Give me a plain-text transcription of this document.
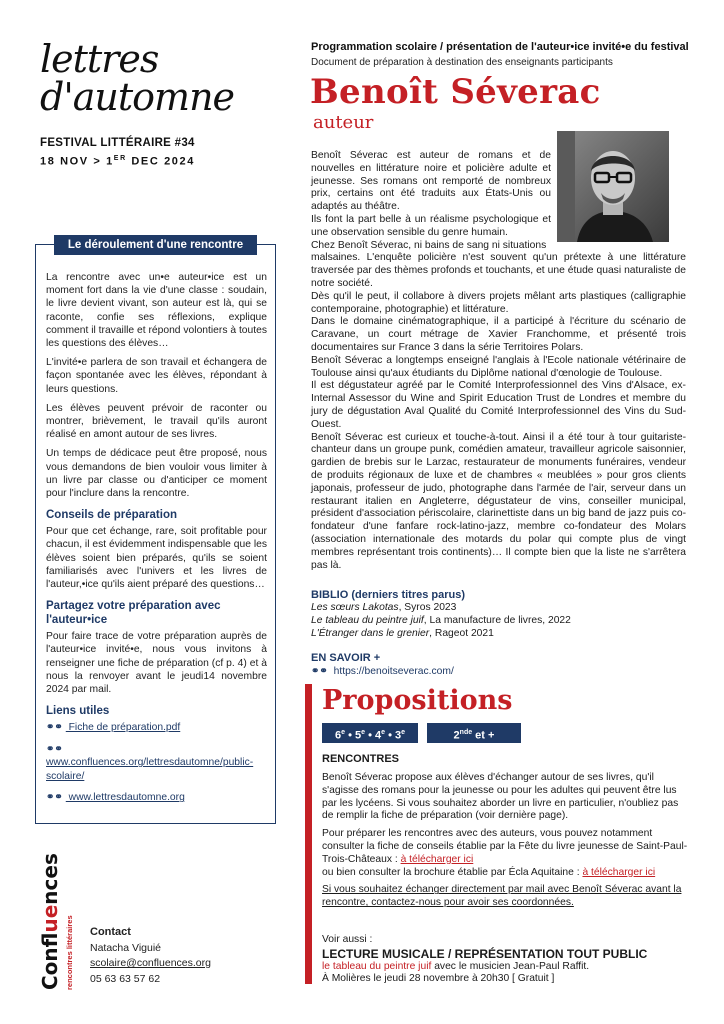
lettres
d'automne
FESTIVAL LITTÉRAIRE #34
18 NOV > 1ER DEC 2024
Le déroulement d'une rencontre

La rencontre avec un•e auteur•ice est un moment fort dans la vie d'une classe : soudain, le livre devient vivant, son auteur est là, qui se raconte, confie ses réflexions, explique comment il travaille et répond volontiers à toutes les questions des élèves…

L'invité•e parlera de son travail et échangera de façon spontanée avec les élèves, répondant à leurs questions.

Les élèves peuvent prévoir de raconter ou montrer, brièvement, le travail qu'ils auront réalisé en amont autour de ses livres.

Un temps de dédicace peut être proposé, nous vous demandons de bien vouloir vous limiter à un livre par classe ou d'anticiper ce moment pour l'inclure dans la rencontre.

Conseils de préparation

Pour que cet échange, rare, soit profitable pour chacun, il est évidemment indispensable que les élèves soient bien préparés, qu'ils se soient familiarisés avec l'univers et les livres de l'auteur,•ice qu'ils aient préparé des questions…

Partagez votre préparation avec l'auteur•ice

Pour faire trace de votre préparation auprès de l'auteur•ice invité•e, nous vous invitons à renseigner une fiche de préparation (cf p. 4) et à nous la renvoyer avant le jeudi14 novembre 2024 par mail.

Liens utiles
⚭⚭ Fiche de préparation.pdf
⚭⚭ www.confluences.org/lettresdautomne/public-scolaire/
⚭⚭ www.lettresdautomne.org
Confluences
rencontres littéraires Contact
Natacha Viguié
scolaire@confluences.org
05 63 63 57 62
Programmation scolaire / présentation de l'auteur•ice invité•e du festival
Document de préparation à destination des enseignants participants
Benoît Séverac
auteur

Benoît Séverac est auteur de romans et de nouvelles en littérature noire et policière adulte et jeunesse. Ses romans ont remporté de nombreux prix, certains ont été traduits aux États-Unis ou adaptés au théâtre.

Ils font la part belle à un réalisme psychologique et une observation sensible du genre humain.

Chez Benoît Séverac, ni bains de sang ni situations

malsaines. L'enquête policière n'est souvent qu'un prétexte à une littérature traversée par des thèmes profonds et touchants, et une étude quasi naturaliste de notre société.

Dès qu'il le peut, il collabore à divers projets mêlant arts plastiques (calligraphie contemporaine, photographie) et littérature.

Dans le domaine cinématographique, il a participé à l'écriture du scénario de Caravane, un court métrage de Xavier Franchomme, et présenté trois documentaires sur France 3 dans la série Territoires Polars.

Benoît Séverac a longtemps enseigné l'anglais à l'Ecole nationale vétérinaire de Toulouse ainsi qu'aux étudiants du Diplôme national d'œnologie de Toulouse.

Il est dégustateur agréé par le Comité Interprofessionnel des Vins d'Alsace, ex-Internal Assessor du Wine and Spirit Education Trust de Londres et membre du jury de dégustation Aval Qualité du Comité Interprofessionnel des Vins du Sud-Ouest.

Benoît Séverac est curieux et touche-à-tout. Ainsi il a été tour à tour guitariste-chanteur dans un groupe punk, comédien amateur, travailleur agricole saisonnier, gardien de brebis sur le Larzac, restaurateur de monuments funéraires, vendeur de produits régionaux de luxe et de chambres « meublées » pour gros clients japonais, professeur de judo, photographe dans l'armée de l'air, serveur dans un restaurant italien en Angleterre, dégustateur de vins, conseiller municipal, président d'association périscolaire, clarinettiste dans un big band de jazz puis co-fondateur d'une fanfare rock-latino-jazz, membre co-fondateur des Molars (association internationale des motards du polar qui compte plus de vingt membres représentant trois continents)… Il compte bien que la liste ne s'arrêtera pas là.

BIBLIO (derniers titres parus)
Les sœurs Lakotas, Syros 2023
Le tableau du peintre juif, La manufacture de livres, 2022
L'Étranger dans le grenier, Rageot 2021
EN SAVOIR +
⚭⚭ https://benoitseverac.com/
Propositions
6e • 5e • 4e • 3e	2nde et +
RENCONTRES

Benoît Séverac propose aux élèves d'échanger autour de ses livres, qu'il s'agisse des romans pour la jeunesse ou pour les adultes qui peuvent être lus par les lycéens. Si vous souhaitez aborder un livre en particulier, n'oubliez pas de remplir la fiche de préparation (voir dernière page).

Pour préparer les rencontres avec des auteurs, vous pouvez notamment consulter la fiche de conseils établie par la Fête du livre jeunesse de Saint-Paul-Trois-Châteaux : à télécharger ici
ou bien consulter la brochure établie par Écla Aquitaine : à télécharger ici

Si vous souhaitez échanger directement par mail avec Benoît Séverac avant la rencontre, contactez-nous pour avoir ses coordonnées.

Voir aussi :
LECTURE MUSICALE / REPRÉSENTATION TOUT PUBLIC
le tableau du peintre juif avec le musicien Jean-Paul Raffit.
À Molières le jeudi 28 novembre à 20h30 [ Gratuit ]
